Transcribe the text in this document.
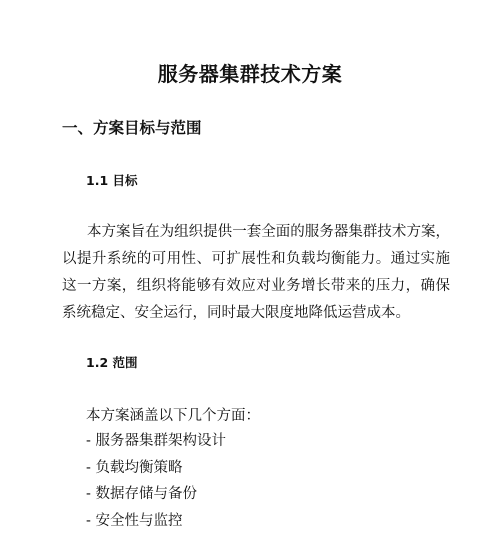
服务器集群技术方案
一、方案目标与范围
1.1 目标

本方案旨在为组织提供一套全面的服务器集群技术方案，以提升系统的可用性、可扩展性和负载均衡能力。通过实施这一方案，组织将能够有效应对业务增长带来的压力，确保系统稳定、安全运行，同时最大限度地降低运营成本。

1.2 范围
本方案涵盖以下几个方面：
- 服务器集群架构设计
- 负载均衡策略
- 数据存储与备份
- 安全性与监控
